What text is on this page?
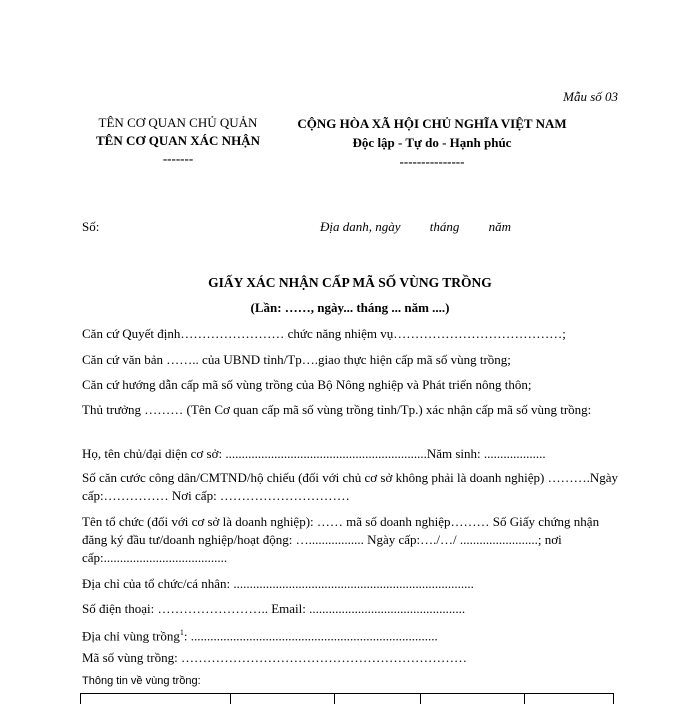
Mẫu số 03
TÊN CƠ QUAN CHỦ QUẢN
TÊN CƠ QUAN XÁC NHẬN
-------
CỘNG HÒA XÃ HỘI CHỦ NGHĨA VIỆT NAM
Độc lập - Tự do - Hạnh phúc
---------------
Số:	Địa danh, ngày tháng năm
GIẤY XÁC NHẬN CẤP MÃ SỐ VÙNG TRỒNG
(Lần: ……, ngày... tháng ... năm ....)
Căn cứ Quyết định…………………… chức năng nhiệm vụ…………………………………;
Căn cứ văn bản …….. của UBND tỉnh/Tp….giao thực hiện cấp mã số vùng trồng;
Căn cứ hướng dẫn cấp mã số vùng trồng của Bộ Nông nghiệp và Phát triển nông thôn;
Thủ trưởng ……… (Tên Cơ quan cấp mã số vùng trồng tỉnh/Tp.) xác nhận cấp mã số vùng trồng:
Họ, tên chủ/đại diện cơ sở: ..............................................................Năm sinh: ...................
Số căn cước công dân/CMTND/hộ chiếu (đối với chủ cơ sở không phải là doanh nghiệp) ……….Ngày cấp:…………… Nơi cấp: …………………………
Tên tổ chức (đối với cơ sở là doanh nghiệp): …… mã số doanh nghiệp……… Số Giấy chứng nhận đăng ký đầu tư/doanh nghiệp/hoạt động: …................. Ngày cấp:…./…/ ........................; nơi cấp:......................................
Địa chỉ của tổ chức/cá nhân: ..........................................................................
Số điện thoại: …………………….. Email: ................................................
Địa chỉ vùng trồng$^1$: ............................................................................
Mã số vùng trồng: …………………………………………………………
Thông tin về vùng trồng:
